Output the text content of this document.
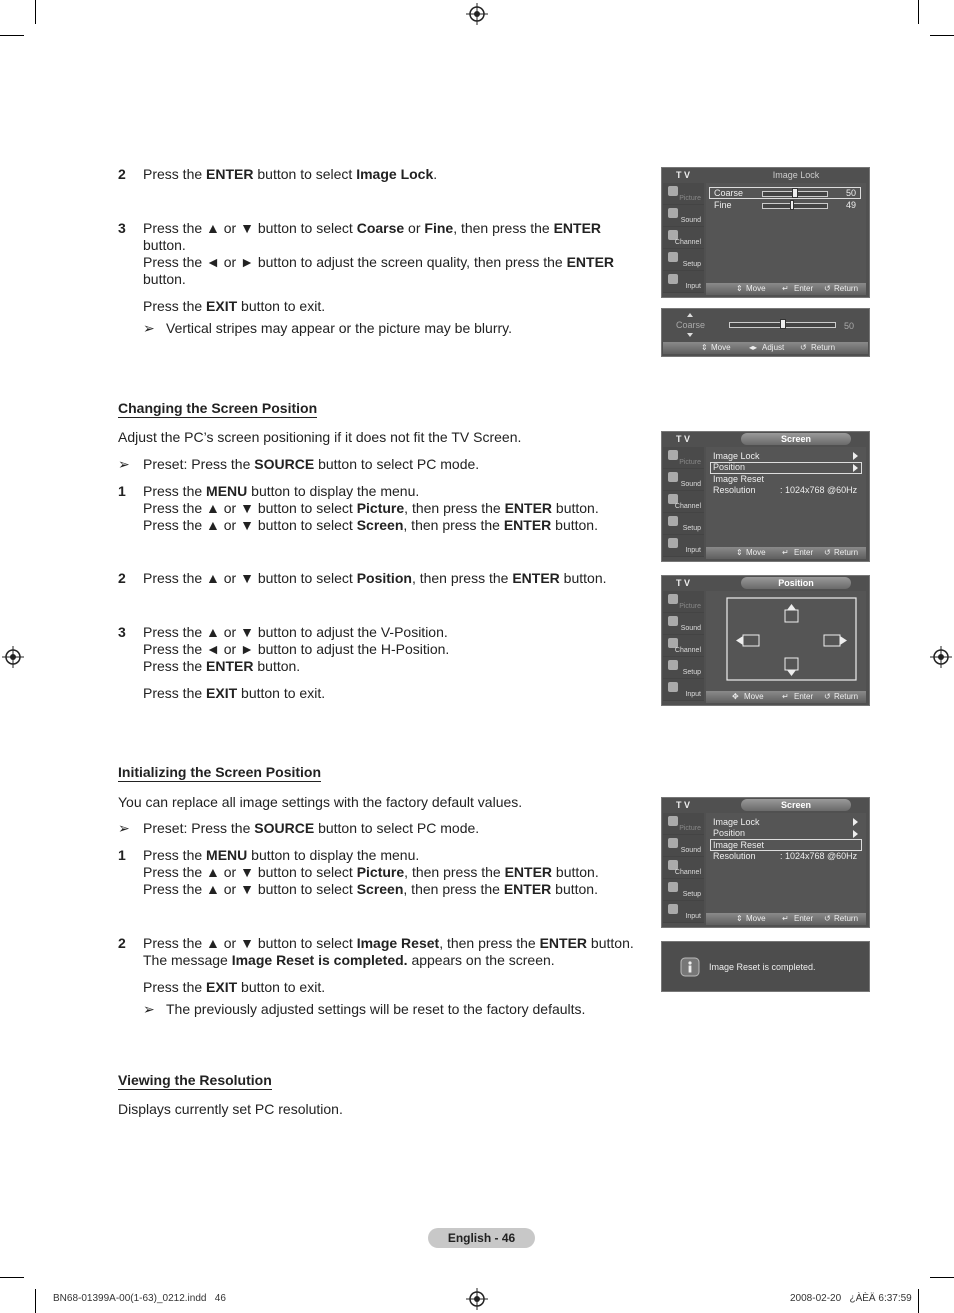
2 Press the ENTER button to select Image Lock.
3 Press the ▲ or ▼ button to select Coarse or Fine, then press the ENTER
button.
Press the ◄ or ► button to adjust the screen quality, then press the ENTER
button.
Press the EXIT button to exit.
➢ Vertical stripes may appear or the picture may be blurry.
T V	Image Lock
Picture
Sound
Channel
Setup
Input
Coarse	50
Fine	49
⇕ Move ↵ Enter ↺ Return
Coarse	50
⇕ Move ◂▸ Adjust ↺ Return
Changing the Screen Position
Adjust the PC’s screen positioning if it does not fit the TV Screen.
➢ Preset: Press the SOURCE button to select PC mode.
1 Press the MENU button to display the menu.
Press the ▲ or ▼ button to select Picture, then press the ENTER button.
Press the ▲ or ▼ button to select Screen, then press the ENTER button.
2 Press the ▲ or ▼ button to select Position, then press the ENTER button.
3 Press the ▲ or ▼ button to adjust the V-Position.
Press the ◄ or ► button to adjust the H-Position.
Press the ENTER button.
Press the EXIT button to exit.
T V	Screen
Picture
Sound
Channel
Setup
Input
Image Lock
Position
Image Reset
Resolution	: 1024x768 @60Hz
⇕ Move ↵ Enter ↺ Return
T V	Position
Picture
Sound
Channel
Setup
Input	✥ Move ↵ Enter ↺ Return
Initializing the Screen Position
You can replace all image settings with the factory default values.
➢ Preset: Press the SOURCE button to select PC mode.
1 Press the MENU button to display the menu.
Press the ▲ or ▼ button to select Picture, then press the ENTER button.
Press the ▲ or ▼ button to select Screen, then press the ENTER button.
2 Press the ▲ or ▼ button to select Image Reset, then press the ENTER button.
The message Image Reset is completed. appears on the screen.
Press the EXIT button to exit.
➢ The previously adjusted settings will be reset to the factory defaults.
T V	Screen
Picture
Sound
Channel
Setup
Input
Image Lock
Position
Image Reset
Resolution	: 1024x768 @60Hz
⇕ Move ↵ Enter ↺ Return
Image Reset is completed.
Viewing the Resolution
Displays currently set PC resolution.
English - 46
BN68-01399A-00(1-63)_0212.indd   46	2008-02-20   ¿ÀÈÄ 6:37:59
